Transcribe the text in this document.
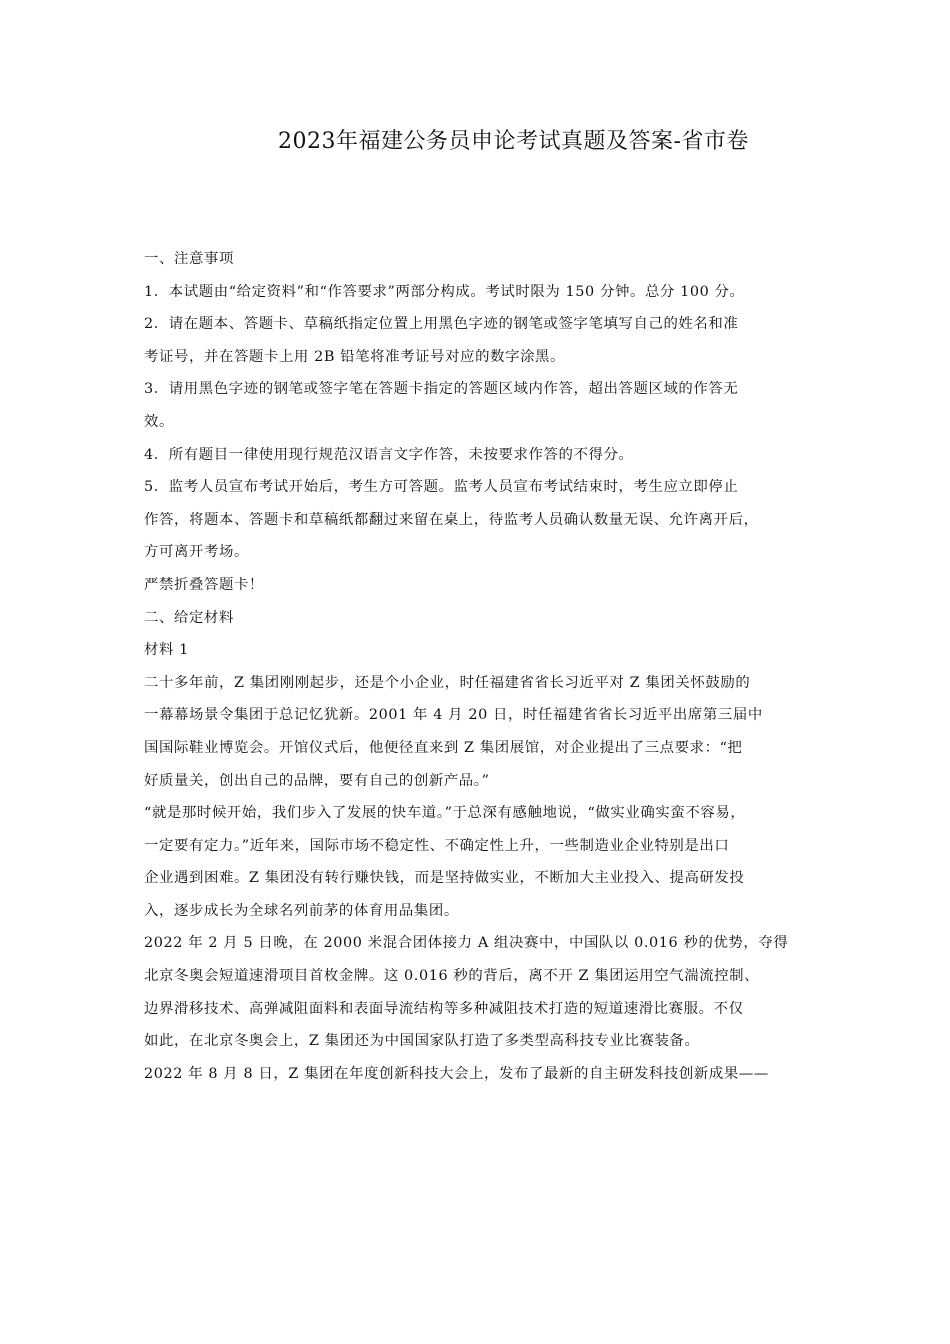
2023年福建公务员申论考试真题及答案-省市卷
一、注意事项
1．本试题由“给定资料”和“作答要求”两部分构成。考试时限为 150 分钟。总分 100 分。
2．请在题本、答题卡、草稿纸指定位置上用黑色字迹的钢笔或签字笔填写自己的姓名和准
考证号，并在答题卡上用 2B 铅笔将准考证号对应的数字涂黑。
3．请用黑色字迹的钢笔或签字笔在答题卡指定的答题区域内作答，超出答题区域的作答无
效。
4．所有题目一律使用现行规范汉语言文字作答，未按要求作答的不得分。
5．监考人员宣布考试开始后，考生方可答题。监考人员宣布考试结束时，考生应立即停止
作答，将题本、答题卡和草稿纸都翻过来留在桌上，待监考人员确认数量无误、允许离开后，
方可离开考场。
严禁折叠答题卡！
二、给定材料
材料 1
二十多年前，Z 集团刚刚起步，还是个小企业，时任福建省省长习近平对 Z 集团关怀鼓励的
一幕幕场景令集团于总记忆犹新。2001 年 4 月 20 日，时任福建省省长习近平出席第三届中
国国际鞋业博览会。开馆仪式后，他便径直来到 Z 集团展馆，对企业提出了三点要求：“把
好质量关，创出自己的品牌，要有自己的创新产品。”
“就是那时候开始，我们步入了发展的快车道。”于总深有感触地说，“做实业确实蛮不容易，
一定要有定力。”近年来，国际市场不稳定性、不确定性上升，一些制造业企业特别是出口
企业遇到困难。Z 集团没有转行赚快钱，而是坚持做实业，不断加大主业投入、提高研发投
入，逐步成长为全球名列前茅的体育用品集团。
2022 年 2 月 5 日晚，在 2000 米混合团体接力 A 组决赛中，中国队以 0.016 秒的优势，夺得
北京冬奥会短道速滑项目首枚金牌。这 0.016 秒的背后，离不开 Z 集团运用空气湍流控制、
边界滑移技术、高弹减阻面料和表面导流结构等多种减阻技术打造的短道速滑比赛服。不仅
如此，在北京冬奥会上，Z 集团还为中国国家队打造了多类型高科技专业比赛装备。
2022 年 8 月 8 日，Z 集团在年度创新科技大会上，发布了最新的自主研发科技创新成果——
